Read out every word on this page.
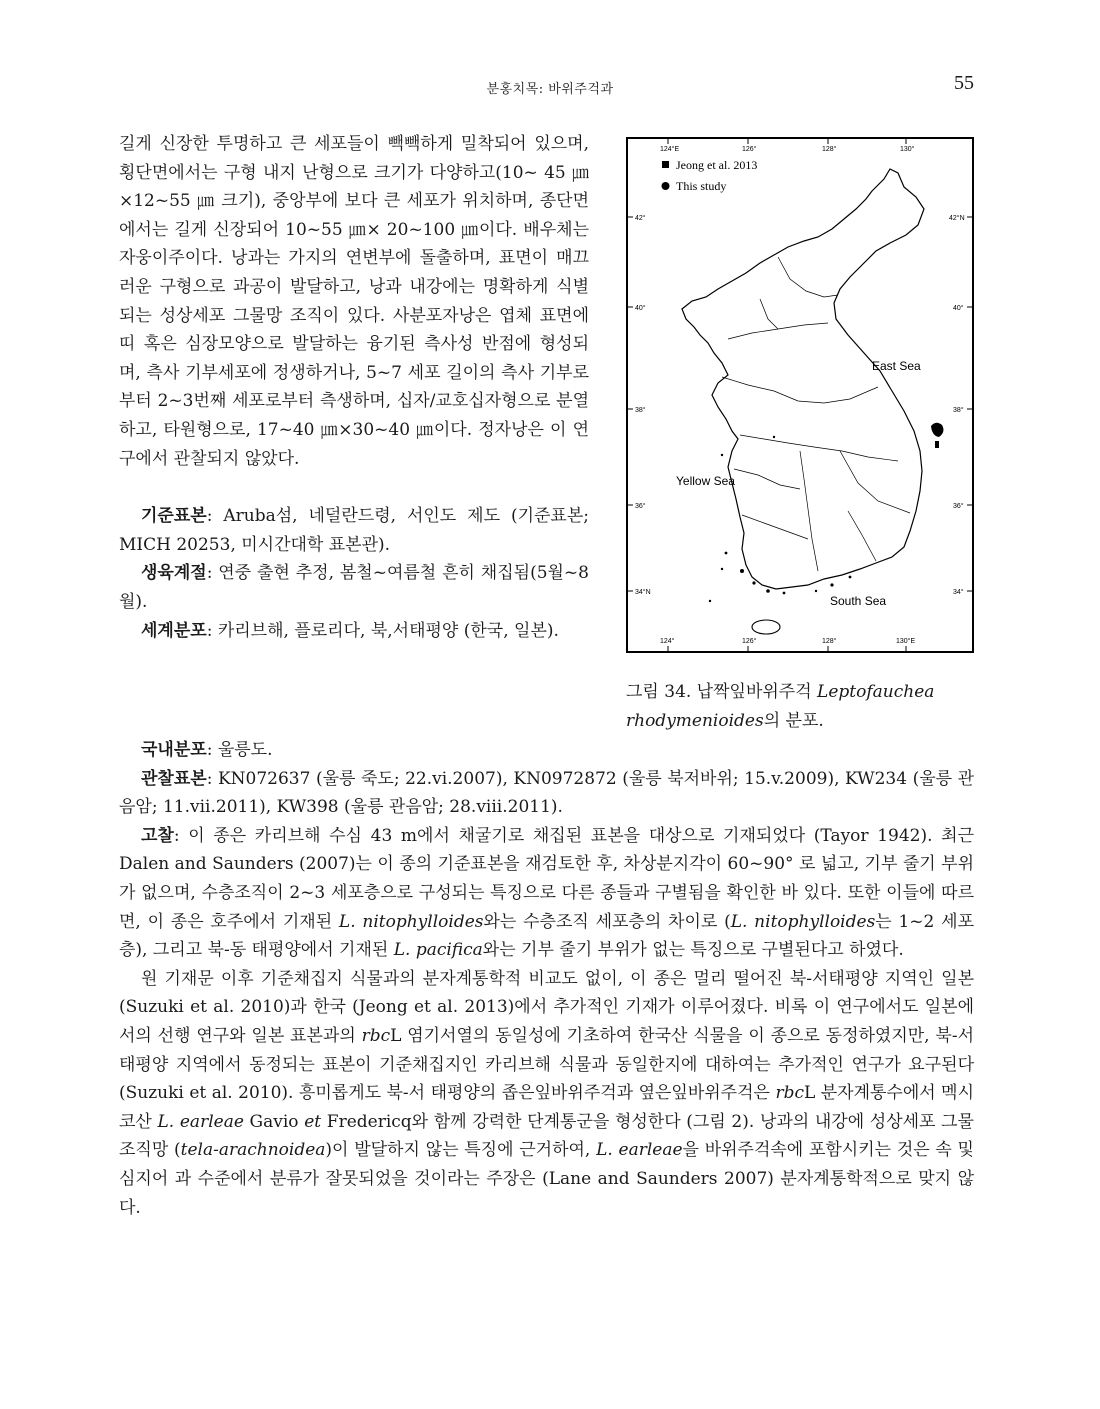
분홍치목: 바위주걱과	55

길게 신장한 투명하고 큰 세포들이 빽빽하게 밀착되어 있으며, 횡단면에서는 구형 내지 난형으로 크기가 다양하고(10~ 45 ㎛×12~55 ㎛ 크기), 중앙부에 보다 큰 세포가 위치하며, 종단면에서는 길게 신장되어 10~55 ㎛× 20~100 ㎛이다. 배우체는 자웅이주이다. 낭과는 가지의 연변부에 돌출하며, 표면이 매끄러운 구형으로 과공이 발달하고, 낭과 내강에는 명확하게 식별되는 성상세포 그물망 조직이 있다. 사분포자낭은 엽체 표면에 띠 혹은 심장모양으로 발달하는 융기된 측사성 반점에 형성되며, 측사 기부세포에 정생하거나, 5~7 세포 길이의 측사 기부로부터 2~3번째 세포로부터 측생하며, 십자/교호십자형으로 분열하고, 타원형으로, 17~40 ㎛×30~40 ㎛이다. 정자낭은 이 연구에서 관찰되지 않았다.

기준표본: Aruba섬, 네덜란드령, 서인도 제도 (기준표본; MICH 20253, 미시간대학 표본관).

생육계절: 연중 출현 추정, 봄철~여름철 흔히 채집됨(5월~8월).

세계분포: 카리브해, 플로리다, 북,서태평양 (한국, 일본).

국내분포: 울릉도.

관찰표본: KN072637 (울릉 죽도; 22.vi.2007), KN0972872 (울릉 북저바위; 15.v.2009), KW234 (울릉 관음암; 11.vii.2011), KW398 (울릉 관음암; 28.viii.2011).

고찰: 이 종은 카리브해 수심 43 m에서 채굴기로 채집된 표본을 대상으로 기재되었다 (Tayor 1942). 최근 Dalen and Saunders (2007)는 이 종의 기준표본을 재검토한 후, 차상분지각이 60~90° 로 넓고, 기부 줄기 부위가 없으며, 수층조직이 2~3 세포층으로 구성되는 특징으로 다른 종들과 구별됨을 확인한 바 있다. 또한 이들에 따르면, 이 종은 호주에서 기재된 L. nitophylloides와는 수층조직 세포층의 차이로 (L. nitophylloides는 1~2 세포층), 그리고 북-동 태평양에서 기재된 L. pacifica와는 기부 줄기 부위가 없는 특징으로 구별된다고 하였다.

원 기재문 이후 기준채집지 식물과의 분자계통학적 비교도 없이, 이 종은 멀리 떨어진 북-서태평양 지역인 일본 (Suzuki et al. 2010)과 한국 (Jeong et al. 2013)에서 추가적인 기재가 이루어졌다. 비록 이 연구에서도 일본에서의 선행 연구와 일본 표본과의 rbcL 염기서열의 동일성에 기초하여 한국산 식물을 이 종으로 동정하였지만, 북-서 태평양 지역에서 동정되는 표본이 기준채집지인 카리브해 식물과 동일한지에 대하여는 추가적인 연구가 요구된다 (Suzuki et al. 2010). 흥미롭게도 북-서 태평양의 좁은잎바위주걱과 옆은잎바위주걱은 rbcL 분자계통수에서 멕시코산 L. earleae Gavio et Fredericq와 함께 강력한 단계통군을 형성한다 (그림 2). 낭과의 내강에 성상세포 그물 조직망 (tela-arachnoidea)이 발달하지 않는 특징에 근거하여, L. earleae을 바위주걱속에 포함시키는 것은 속 및 심지어 과 수준에서 분류가 잘못되었을 것이라는 주장은 (Lane and Saunders 2007) 분자계통학적으로 맞지 않다.

124°E	126°	128°	130°
124°	126°	128°	130°E
42°
40°
38°
36°
34°N
42°N
40°
38°
36°
34°
Jeong et al. 2013
This study
East Sea
Yellow Sea
South Sea
그림 34. 납짝잎바위주걱 Leptofauchea rhodymenioides의 분포.
